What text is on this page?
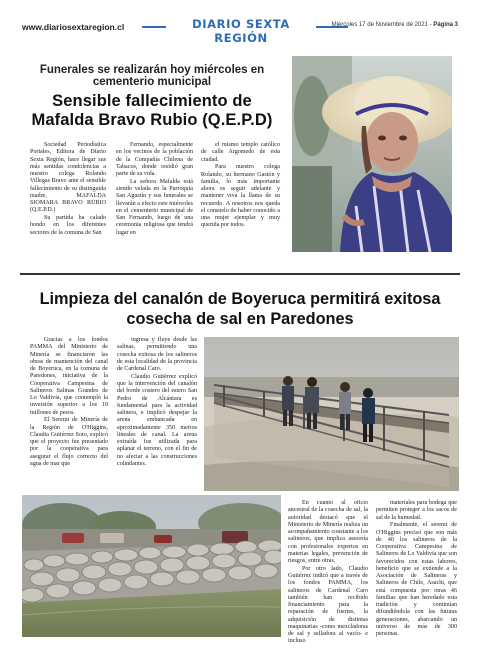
www.diariosextaregion.cl	DIARIO SEXTA REGIÓN
Miércoles 17 de Noviembre de 2021 - Página 3
Funerales se realizarán hoy miércoles en cementerio municipal
Sensible fallecimiento de Mafalda Bravo Rubio (Q.E.P.D)

Sociedad Periodística Portales, Editora de Diario Sexta Región, hace llegar sus más sentidas condolencias a nuestro colega Rolando Villegas Bravo ante el sensible fallecimiento de su distinguida madre, MAFALDA SIOMARA BRAVO RUBIO (Q.E.P.D.)

Su partida ha calado hondo en los diferentes sectores de la comuna de San

Fernando, especialmente en los vecinos de la población de la Compañía Chilena de Tabacos, donde residió gran parte de su vida.

La señora Mafalda está siendo velada en la Parroquia San Agustín y sus funerales se llevarán a efecto este miércoles en el cementerio municipal de San Fernando, luego de una ceremonia religiosa que tendrá lugar en

el mismo templo católico de calle Argomedo de esta ciudad.

Para nuestro colega Rolando, su hermano Gastón y familia, lo más importante ahora es seguir adelante y mantener viva la llama de su recuerdo. A nosotros nos queda el consuelo de haber conocido a una mujer ejemplar y muy querida por todos.

Limpieza del canalón de Boyeruca permitirá exitosa cosecha de sal en Paredones

Gracias a los fondos PAMMA del Ministerio de Minería se financiaron las obras de mantención del canal de Boyeruca, en la comuna de Paredones, iniciativa de la Cooperativa Campesina de Salineros Salinas Grandes de Lo Valdivia, que contempló la inversión superior a los 10 millones de pesos.

El Seremi de Minería de la Región de O'Higgins, Claudia Gutiérrez Soto, explicó que el proyecto fue presentado por la cooperativa para asegurar el flujo correcto del agua de mar que

ingresa y fluye desde las salinas, permitiendo una cosecha exitosa de los salineros de esta localidad de la provincia de Cardenal Caro.

Claudio Gutiérrez explicó que la intervención del canalón del borde costero del estero San Pedro de Alcántara es fundamental para la actividad salinera, e implicó despejar la arena embancada en aproximadamente 350 metros lineales de canal. La arena extraída fue utilizada para aplanar el terreno, con el fin de no afectar a las construcciones colindantes.

En cuanto al oficio ancestral de la cosecha de sal, la autoridad destacó que el Ministerio de Minería realiza un acompañamiento constante a los salineros, que implica asesoría con profesionales expertos en materias legales, prevención de riesgos, entre otras.

Por otro lado, Claudio Gutiérrez indicó que a través de los fondos PAMMA, los salineros de Cardenal Caro también han recibido financiamiento para la reparación de fuertes, la adquisición de distintas maquinarias -como mezcladoras de sal y selladora al vacío- e incluso

materiales para bodega que permiten proteger a los sacos de sal de la humedad.

Finalmente, el seremi de O'Higgins precisó que son más de 40 los salineros de la Cooperativa Campesina de Salineros de Lo Valdivia que son favorecidos con estas labores, beneficio que se extiende a la Asociación de Salineras y Salineros de Chile, Asachi, que está compuesta por otras 46 familias que han heredado esta tradición y continúan difundiéndola con las futuras generaciones, abarcando un universo de más de 300 personas.
